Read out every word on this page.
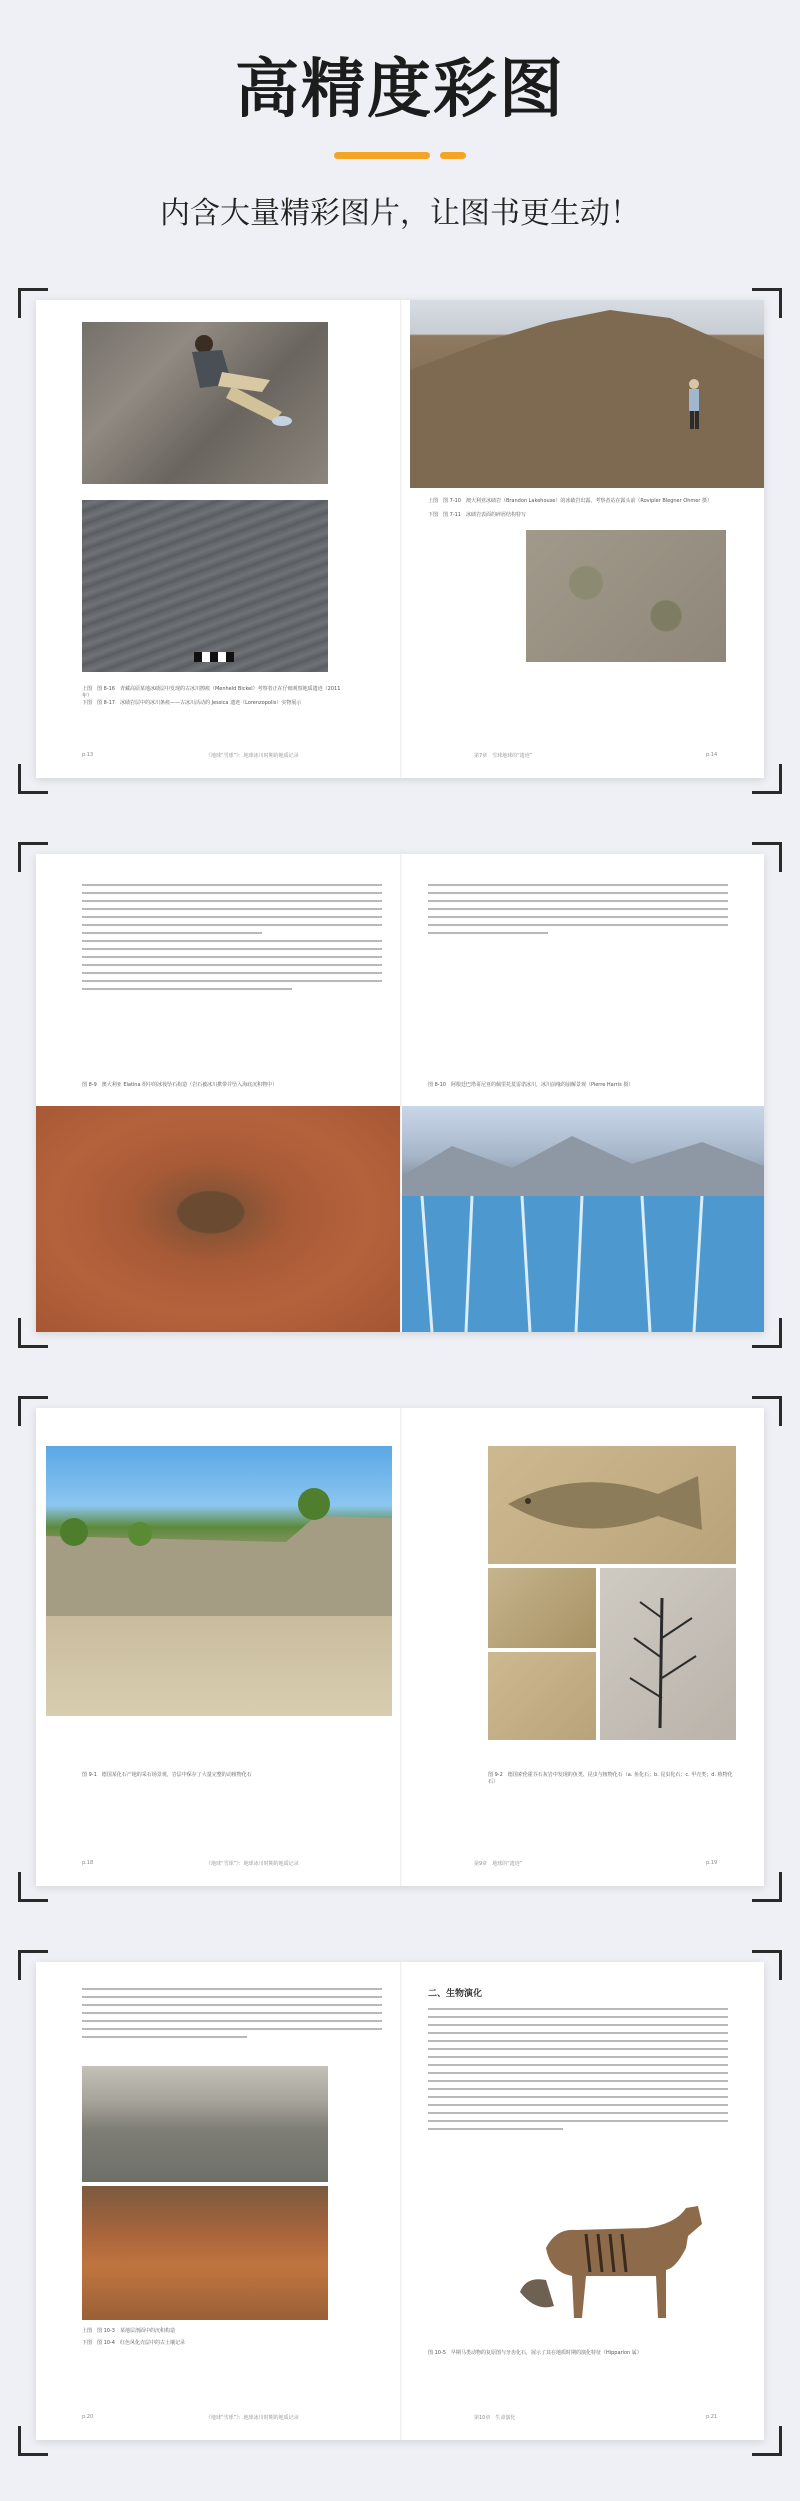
高精度彩图
内含大量精彩图片，让图书更生动！
上图　图 8-16　青藏高原某地冰碛层中发现的古冰川擦痕（Menheld Bickel）考察者正在仔细观察地质遗迹（2011 年）
下图　图 8-17　冰碛岩层中的冰川条痕——古冰川活动的 Jessica 遗迹（Lorenzopolis）实物展示
p.13	《地球“雪球”》：地球冰川时期的地质记录
上图　图 7-10　澳大利亚冰碛岩（Brandon Lakehouse）的冰碛岩出露，考察者站在露头前（Rovipler Blegner Ohmer 摄）
下图　图 7-11　冰碛岩表面的碎屑结构特写
第7章　雪球地球的“遗迹”	p.14
图 8-9　澳大利亚 Elatina 组中的冰筏坠石构造（岩石被冰川携带并坠入海底沉积物中）	图 8-10　阿根廷巴塔哥尼亚的佩里托莫雷诺冰川，冰川前缘的崩解景观（Pierre Harris 摄）
图 9-1　德国某化石产地的采石场景观，岩层中保存了大量完整的动植物化石
p.18	《地球“雪球”》：地球冰川时期的地质记录
图 9-2　德国索伦霍芬石灰岩中发现的鱼类、昆虫与植物化石（a. 鱼化石；b. 昆虫化石；c. 甲壳类；d. 植物化石）
第9章　地球的“遗迹”	p.19
上图　图 10-3　某地层剖面中的沉积构造
下图　图 10-4　红色风化壳层中的古土壤记录
p.20	《地球“雪球”》：地球冰川时期的地质记录
二、生物演化
图 10-5　早期马类动物的复原图与牙齿化石，展示了其在地质时期的演化特征（Hipparion 属）
第10章　生命演化	p.21
